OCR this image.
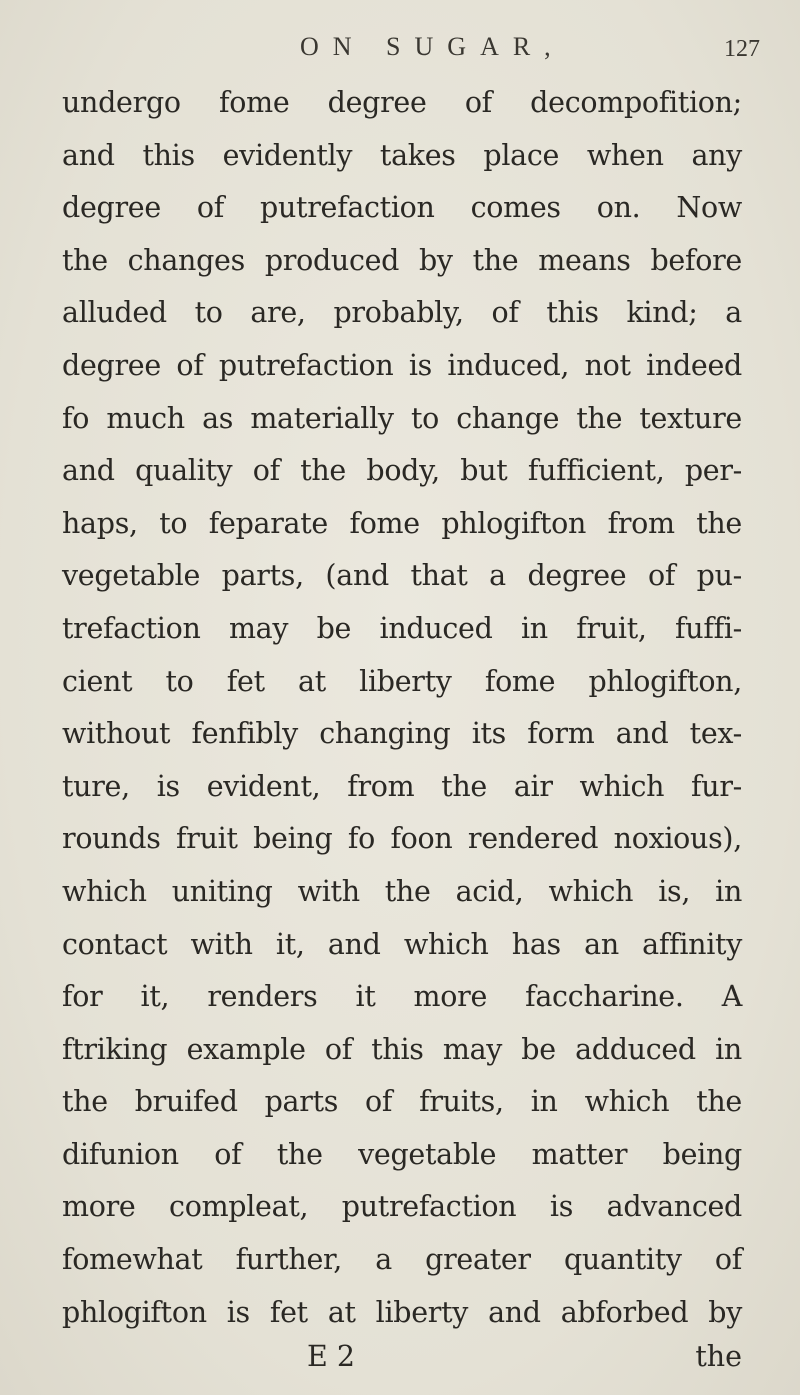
ON SUGAR,	127
undergo fome degree of decompofition;
and this evidently takes place when any
degree of putrefaction comes on. Now
the changes produced by the means before
alluded to are, probably, of this kind; a
degree of putrefaction is induced, not indeed
fo much as materially to change the texture
and quality of the body, but fufficient, per-
haps, to feparate fome phlogifton from the
vegetable parts, (and that a degree of pu-
trefaction may be induced in fruit, fuffi-
cient to fet at liberty fome phlogifton,
without fenfibly changing its form and tex-
ture, is evident, from the air which fur-
rounds fruit being fo foon rendered noxious),
which uniting with the acid, which is, in
contact with it, and which has an affinity
for it, renders it more faccharine. A
ftriking example of this may be adduced in
the bruifed parts of fruits, in which the
difunion of the vegetable matter being
more compleat, putrefaction is advanced
fomewhat further, a greater quantity of
phlogifton is fet at liberty and abforbed by
E 2	the
